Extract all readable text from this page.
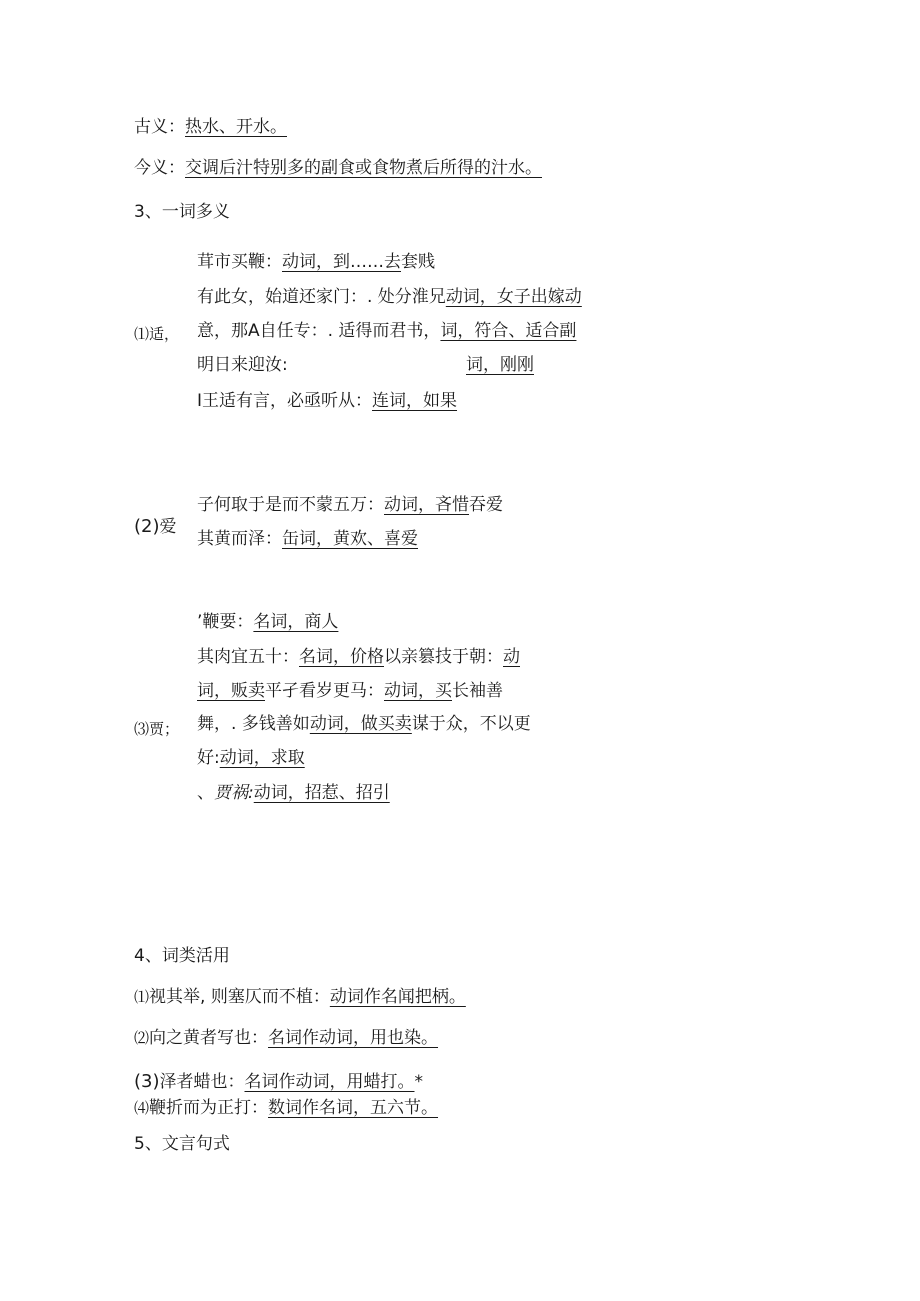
古义：热水、开水。
今义：交调后汁特别多的副食或食物煮后所得的汁水。
3、一词多义
⑴适，
茸市买鞭：动词，到……去套贱
有此女，始道还家门：. 处分淮兄动词，女子出嫁动
意，那A自任专：. 适得而君书，词，符合、适合副
明日来迎汝:	词，刚刚
I王适有言，必亟听从：连词，如果
(2)爱
子何取于是而不蒙五万：动词，吝惜吞爱
其黄而泽：缶词，黄欢、喜爱
⑶贾；
’鞭要：名词，商人
其肉宜五十：名词，价格以亲篡技于朝：动
词，贩卖平孑看岁更马：动词，买长袖善
舞，. 多钱善如动词，做买卖谋于众，不以更
好:动词，求取
、贾祸:动词，招惹、招引
4、词类活用
⑴视其举, 则塞仄而不植：动词作名闻把柄。
⑵向之黄者写也：名词作动词，用也染。
(3)泽者蜡也：名词作动词，用蜡打。*
⑷鞭折而为正打：数词作名词，五六节。
5、文言句式
